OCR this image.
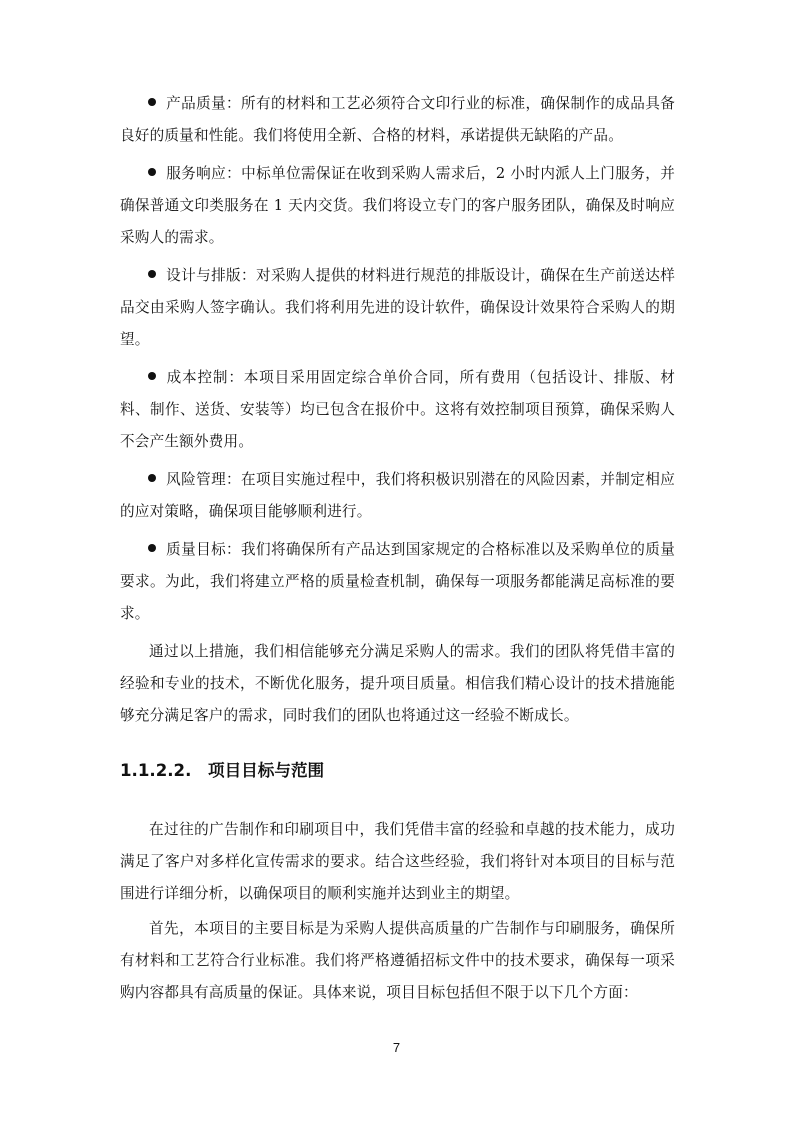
产品质量：所有的材料和工艺必须符合文印行业的标准，确保制作的成品具备良好的质量和性能。我们将使用全新、合格的材料，承诺提供无缺陷的产品。

服务响应：中标单位需保证在收到采购人需求后，2 小时内派人上门服务，并确保普通文印类服务在 1 天内交货。我们将设立专门的客户服务团队，确保及时响应采购人的需求。

设计与排版：对采购人提供的材料进行规范的排版设计，确保在生产前送达样品交由采购人签字确认。我们将利用先进的设计软件，确保设计效果符合采购人的期望。

成本控制：本项目采用固定综合单价合同，所有费用（包括设计、排版、材料、制作、送货、安装等）均已包含在报价中。这将有效控制项目预算，确保采购人不会产生额外费用。

风险管理：在项目实施过程中，我们将积极识别潜在的风险因素，并制定相应的应对策略，确保项目能够顺利进行。

质量目标：我们将确保所有产品达到国家规定的合格标准以及采购单位的质量要求。为此，我们将建立严格的质量检查机制，确保每一项服务都能满足高标准的要求。

通过以上措施，我们相信能够充分满足采购人的需求。我们的团队将凭借丰富的经验和专业的技术，不断优化服务，提升项目质量。相信我们精心设计的技术措施能够充分满足客户的需求，同时我们的团队也将通过这一经验不断成长。

1.1.2.2. 项目目标与范围

在过往的广告制作和印刷项目中，我们凭借丰富的经验和卓越的技术能力，成功满足了客户对多样化宣传需求的要求。结合这些经验，我们将针对本项目的目标与范围进行详细分析，以确保项目的顺利实施并达到业主的期望。

首先，本项目的主要目标是为采购人提供高质量的广告制作与印刷服务，确保所有材料和工艺符合行业标准。我们将严格遵循招标文件中的技术要求，确保每一项采购内容都具有高质量的保证。具体来说，项目目标包括但不限于以下几个方面：

7
